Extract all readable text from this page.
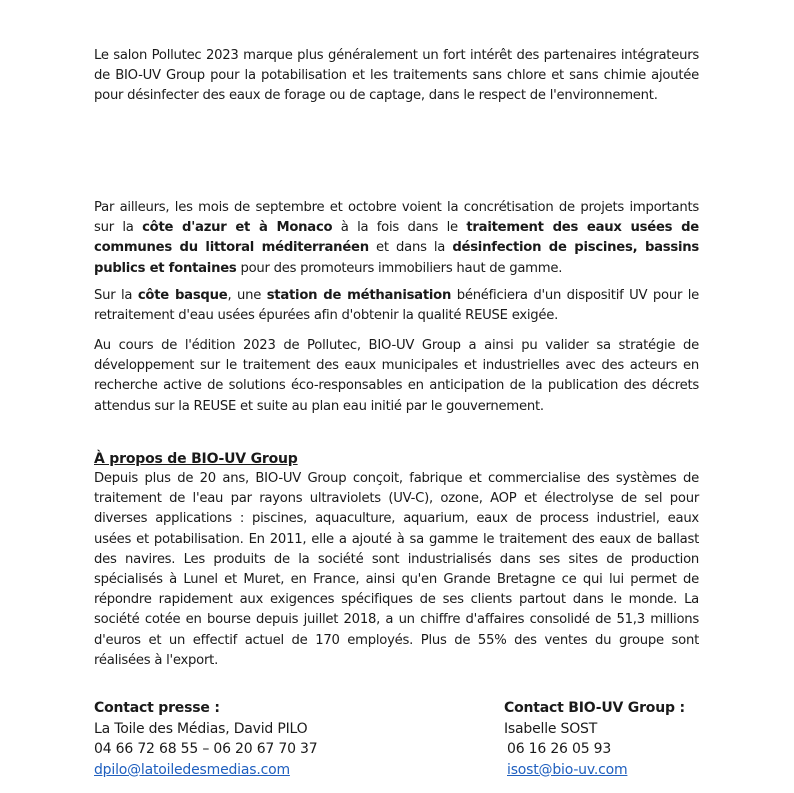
Le salon Pollutec 2023 marque plus généralement un fort intérêt des partenaires intégrateurs de BIO-UV Group pour la potabilisation et les traitements sans chlore et sans chimie ajoutée pour désinfecter des eaux de forage ou de captage, dans le respect de l'environnement.

Par ailleurs, les mois de septembre et octobre voient la concrétisation de projets importants sur la côte d'azur et à Monaco à la fois dans le traitement des eaux usées de communes du littoral méditerranéen et dans la désinfection de piscines, bassins publics et fontaines pour des promoteurs immobiliers haut de gamme.

Sur la côte basque, une station de méthanisation bénéficiera d'un dispositif UV pour le retraitement d'eau usées épurées afin d'obtenir la qualité REUSE exigée.

Au cours de l'édition 2023 de Pollutec, BIO-UV Group a ainsi pu valider sa stratégie de développement sur le traitement des eaux municipales et industrielles avec des acteurs en recherche active de solutions éco-responsables en anticipation de la publication des décrets attendus sur la REUSE et suite au plan eau initié par le gouvernement.

À propos de BIO-UV Group

Depuis plus de 20 ans, BIO-UV Group conçoit, fabrique et commercialise des systèmes de traitement de l'eau par rayons ultraviolets (UV-C), ozone, AOP et électrolyse de sel pour diverses applications : piscines, aquaculture, aquarium, eaux de process industriel, eaux usées et potabilisation. En 2011, elle a ajouté à sa gamme le traitement des eaux de ballast des navires. Les produits de la société sont industrialisés dans ses sites de production spécialisés à Lunel et Muret, en France, ainsi qu'en Grande Bretagne ce qui lui permet de répondre rapidement aux exigences spécifiques de ses clients partout dans le monde. La société cotée en bourse depuis juillet 2018, a un chiffre d'affaires consolidé de 51,3 millions d'euros et un effectif actuel de 170 employés. Plus de 55% des ventes du groupe sont réalisées à l'export.

Contact presse :
La Toile des Médias, David PILO
04 66 72 68 55 – 06 20 67 70 37
dpilo@latoiledesmedias.com
Contact BIO-UV Group :
Isabelle SOST
06 16 26 05 93
isost@bio-uv.com
